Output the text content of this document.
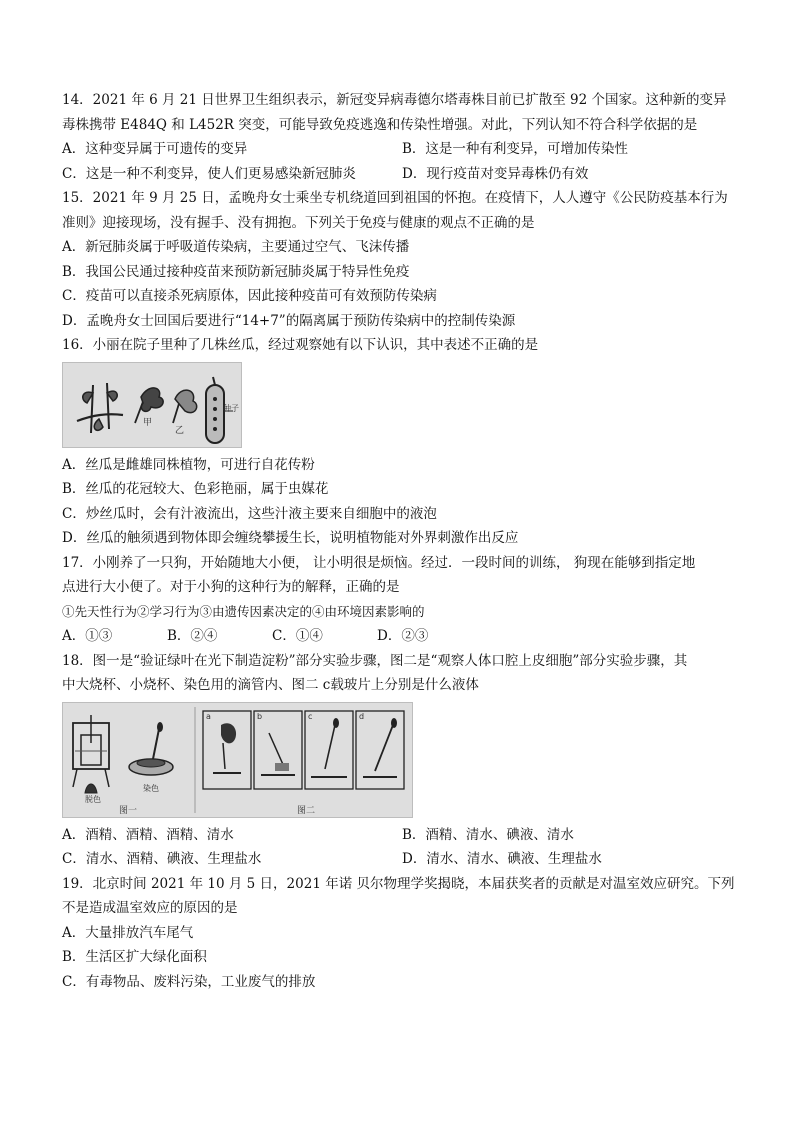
14．2021 年 6 月 21 日世界卫生组织表示，新冠变异病毒德尔塔毒株目前已扩散至 92 个国家。这种新的变异
毒株携带 E484Q 和 L452R 突变，可能导致免疫逃逸和传染性增强。对此，下列认知不符合科学依据的是
A．这种变异属于可遗传的变异	B．这是一种有利变异，可增加传染性
C．这是一种不利变异，使人们更易感染新冠肺炎	D．现行疫苗对变异毒株仍有效
15．2021 年 9 月 25 日，孟晚舟女士乘坐专机绕道回到祖国的怀抱。在疫情下，人人遵守《公民防疫基本行为
准则》迎接现场，没有握手、没有拥抱。下列关于免疫与健康的观点不正确的是
A．新冠肺炎属于呼吸道传染病，主要通过空气、飞沫传播
B．我国公民通过接种疫苗来预防新冠肺炎属于特异性免疫
C．疫苗可以直接杀死病原体，因此接种疫苗可有效预防传染病
D．孟晚舟女士回国后要进行“14+7”的隔离属于预防传染病中的控制传染源
16．小丽在院子里种了几株丝瓜，经过观察她有以下认识，其中表述不正确的是
甲
乙
种子
A．丝瓜是雌雄同株植物，可进行自花传粉
B．丝瓜的花冠较大、色彩艳丽，属于虫媒花
C．炒丝瓜时，会有汁液流出，这些汁液主要来自细胞中的液泡
D．丝瓜的触须遇到物体即会缠绕攀援生长，说明植物能对外界刺激作出反应
17．小刚养了一只狗，开始随地大小便， 让小明很是烦恼。经过．一段时间的训练， 狗现在能够到指定地
点进行大小便了。对于小狗的这种行为的解释，正确的是
①先天性行为②学习行为③由遗传因素决定的④由环境因素影响的
A．①③	B．②④	C．①④	D．②③
18．图一是“验证绿叶在光下制造淀粉”部分实验步骤，图二是“观察人体口腔上皮细胞”部分实验步骤，其
中大烧杯、小烧杯、染色用的滴管内、图二 c载玻片上分别是什么液体
a	b	c	d
脱色
染色
图一	图二
A．酒精、酒精、酒精、清水	B．酒精、清水、碘液、清水
C．清水、酒精、碘液、生理盐水	D．清水、清水、碘液、生理盐水
19．北京时间 2021 年 10 月 5 日，2021 年诺 贝尔物理学奖揭晓，本届获奖者的贡献是对温室效应研究。下列
不是造成温室效应的原因的是
A．大量排放汽车尾气
B．生活区扩大绿化面积
C．有毒物品、废料污染，工业废气的排放
